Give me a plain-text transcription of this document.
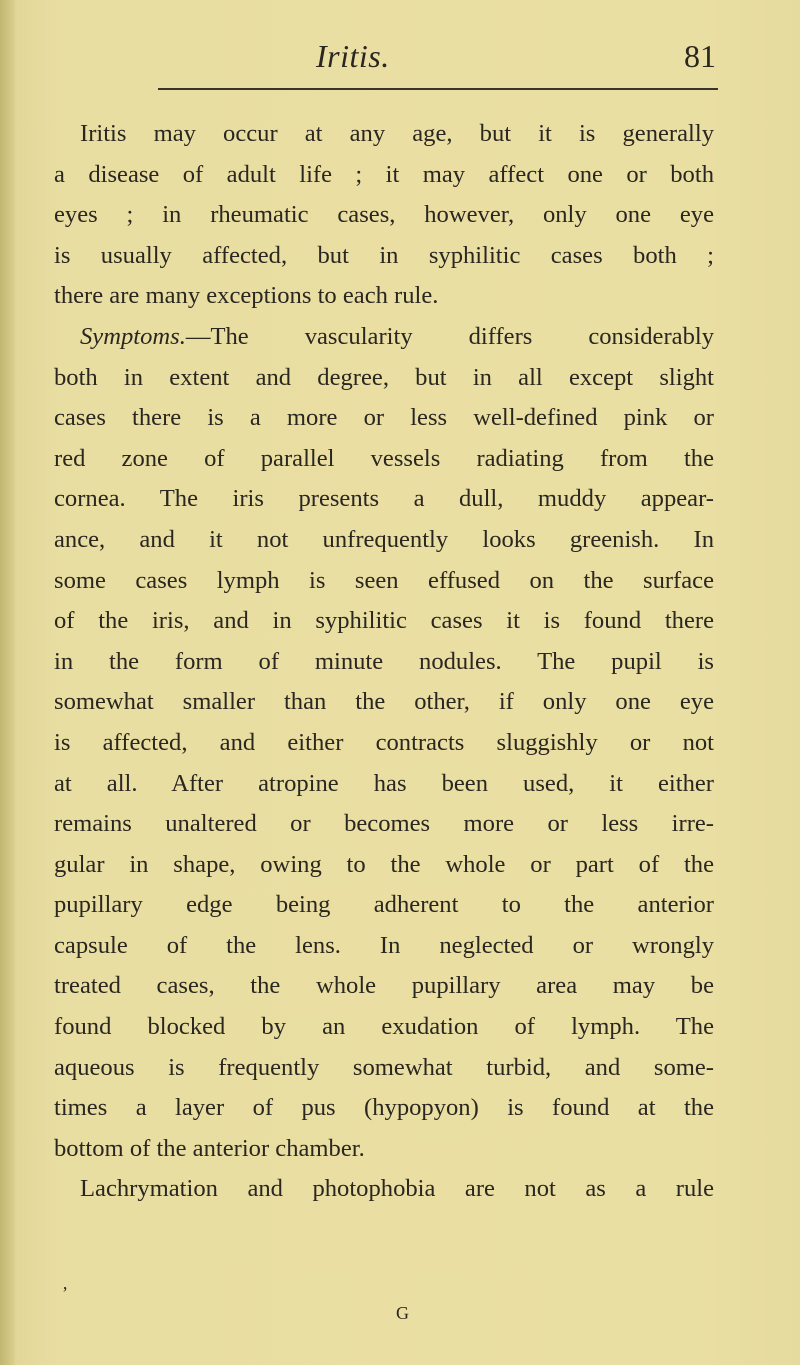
Iritis.	81
Iritis may occur at any age, but it is generally
a disease of adult life ; it may affect one or both
eyes ; in rheumatic cases, however, only one eye
is usually affected, but in syphilitic cases both ;
there are many exceptions to each rule.
Symptoms.—The vascularity differs considerably
both in extent and degree, but in all except slight
cases there is a more or less well-defined pink or
red zone of parallel vessels radiating from the
cornea. The iris presents a dull, muddy appear-
ance, and it not unfrequently looks greenish. In
some cases lymph is seen effused on the surface
of the iris, and in syphilitic cases it is found there
in the form of minute nodules. The pupil is
somewhat smaller than the other, if only one eye
is affected, and either contracts sluggishly or not
at all. After atropine has been used, it either
remains unaltered or becomes more or less irre-
gular in shape, owing to the whole or part of the
pupillary edge being adherent to the anterior
capsule of the lens. In neglected or wrongly
treated cases, the whole pupillary area may be
found blocked by an exudation of lymph. The
aqueous is frequently somewhat turbid, and some-
times a layer of pus (hypopyon) is found at the
bottom of the anterior chamber.
Lachrymation and photophobia are not as a rule
’
G
